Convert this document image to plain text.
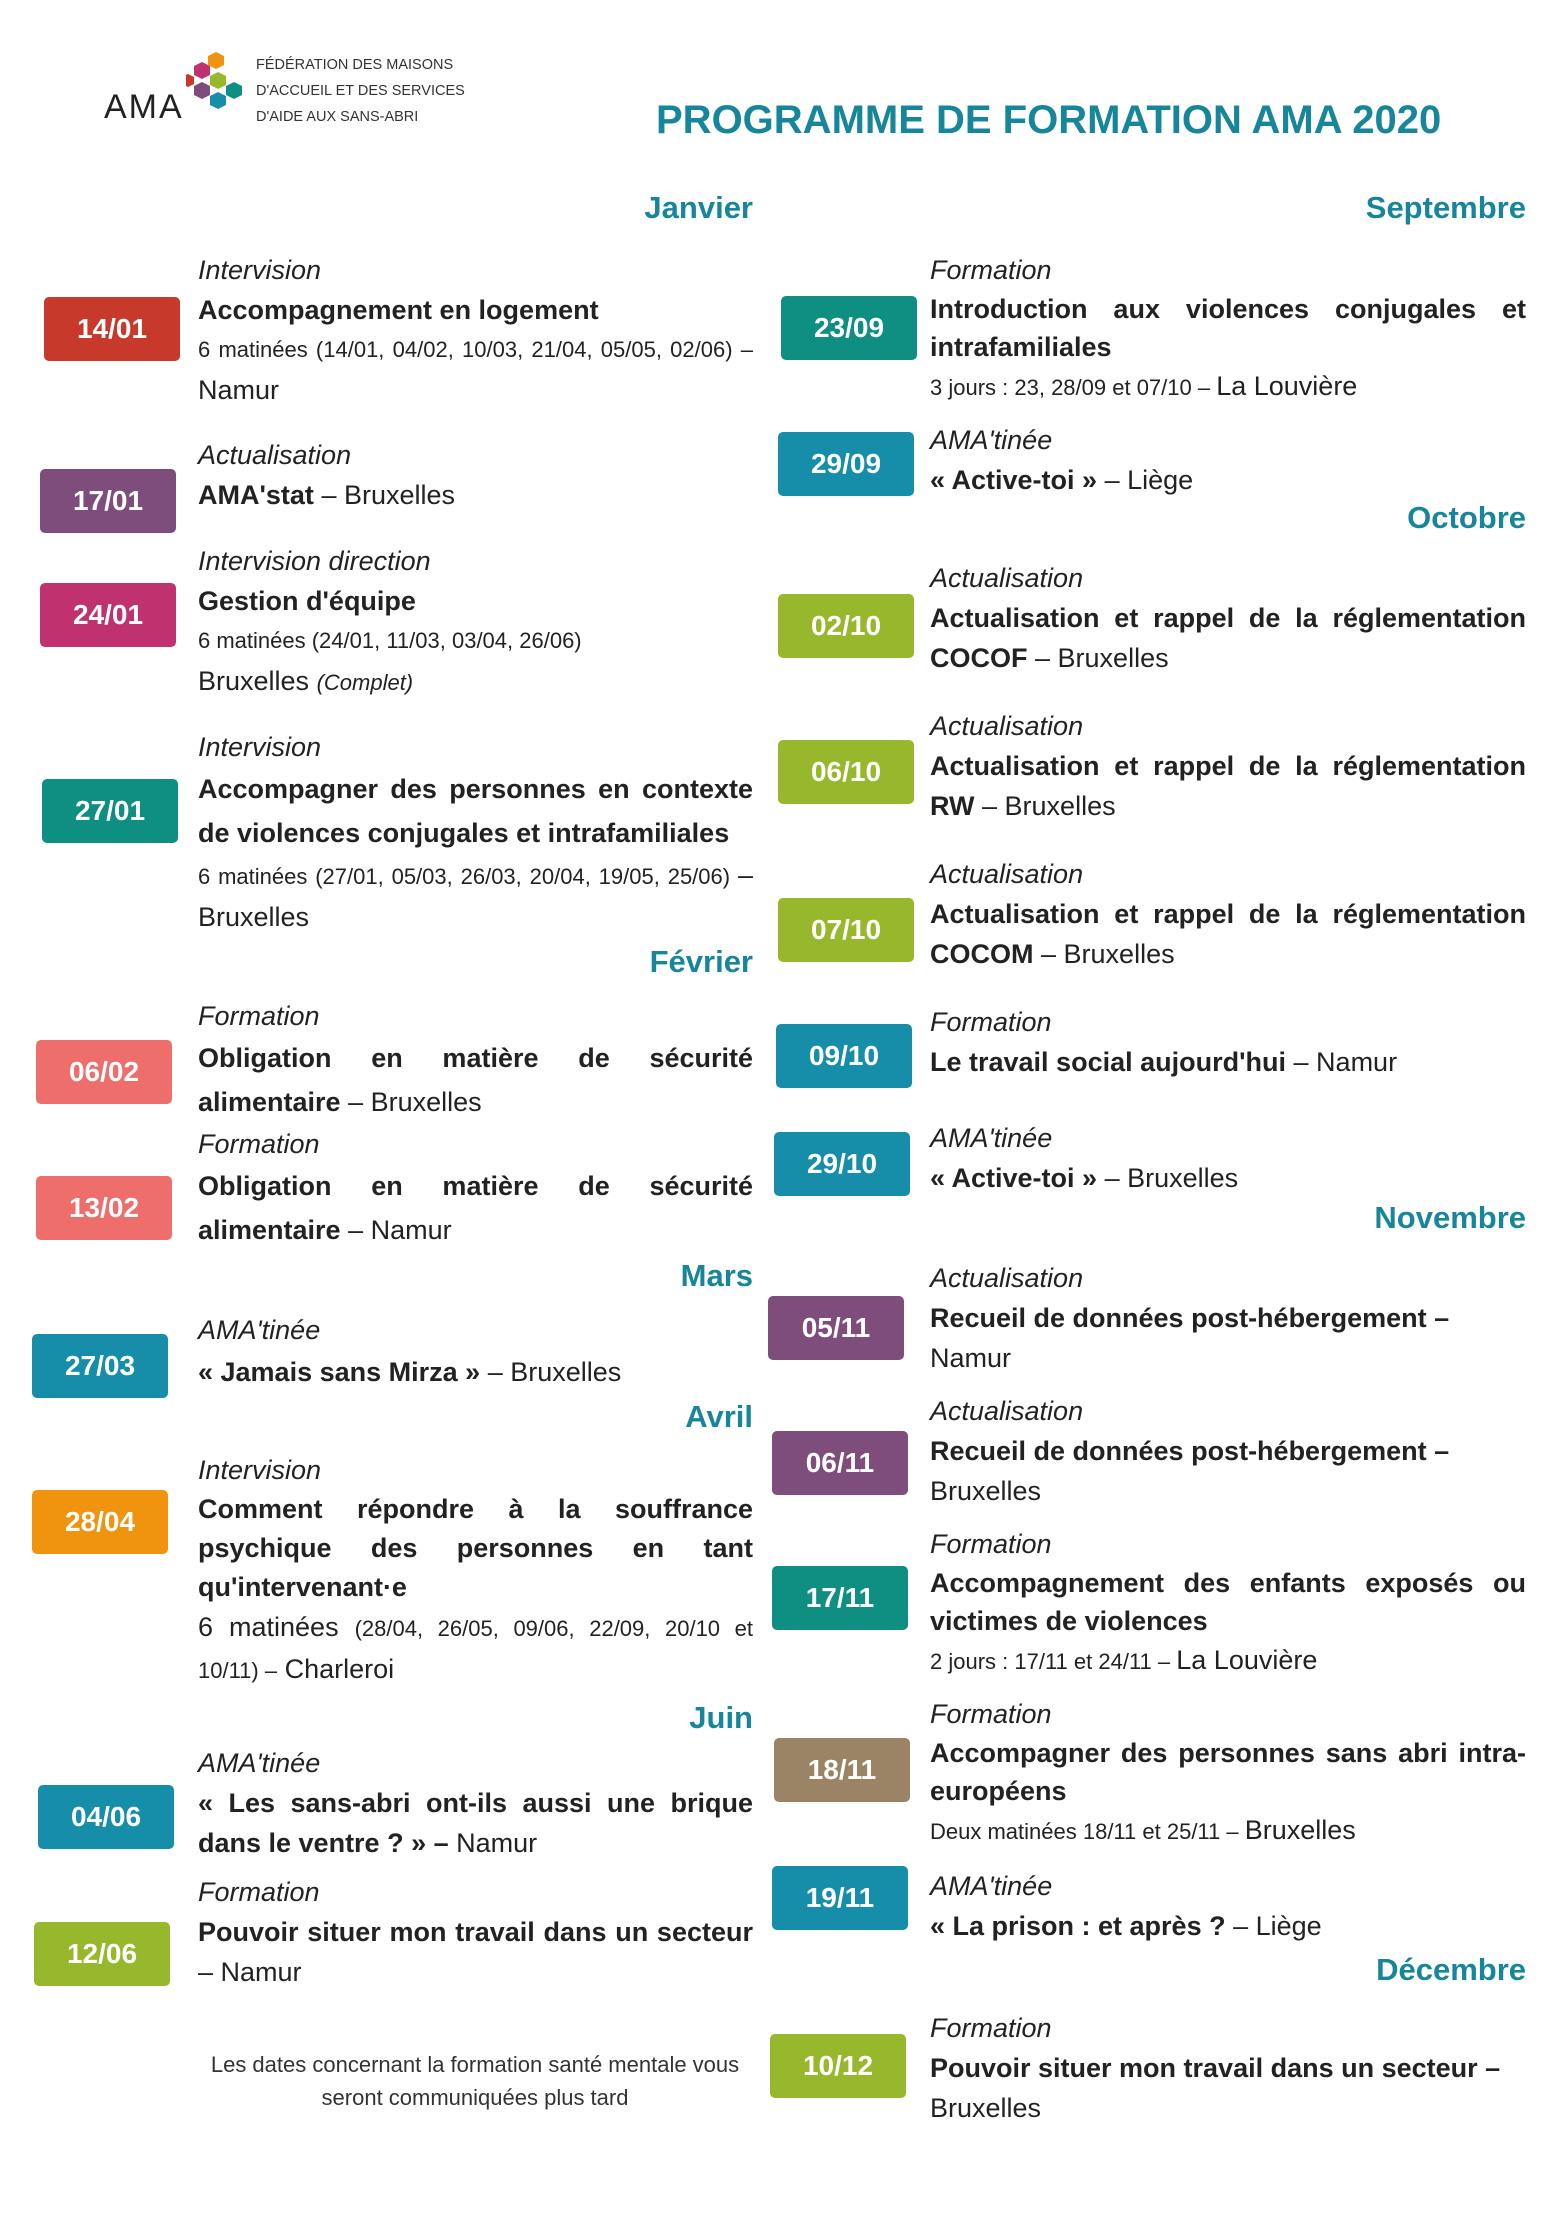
AMA
FÉDÉRATION DES MAISONS
D'ACCUEIL ET DES SERVICES
D'AIDE AUX SANS-ABRI	PROGRAMME DE FORMATION AMA 2020
Janvier
14/01
Intervision
Accompagnement en logement
6 matinées (14/01, 04/02, 10/03, 21/04, 05/05, 02/06) – Namur
17/01
Actualisation
AMA'stat – Bruxelles
24/01
Intervision direction
Gestion d'équipe
6 matinées (24/01, 11/03, 03/04, 26/06)
Bruxelles (Complet)
27/01
Intervision
Accompagner des personnes en contexte de violences conjugales et intrafamiliales
6 matinées (27/01, 05/03, 26/03, 20/04, 19/05, 25/06) – Bruxelles
Février
06/02
Formation
Obligation en matière de sécurité alimentaire – Bruxelles
13/02
Formation
Obligation en matière de sécurité alimentaire – Namur
Mars
27/03
AMA'tinée
« Jamais sans Mirza » – Bruxelles
Avril
28/04
Intervision
Comment répondre à la souffrance psychique des personnes en tant qu'intervenant·e
6 matinées (28/04, 26/05, 09/06, 22/09, 20/10 et 10/11) – Charleroi
Juin
04/06
AMA'tinée
« Les sans-abri ont-ils aussi une brique dans le ventre ? » – Namur
12/06
Formation
Pouvoir situer mon travail dans un secteur – Namur
Les dates concernant la formation santé mentale vous seront communiquées plus tard
Septembre
23/09
Formation
Introduction aux violences conjugales et intrafamiliales
3 jours : 23, 28/09 et 07/10 – La Louvière
29/09
AMA'tinée
« Active-toi » – Liège
Octobre
02/10
Actualisation
Actualisation et rappel de la réglementation COCOF – Bruxelles
06/10
Actualisation
Actualisation et rappel de la réglementation RW – Bruxelles
07/10
Actualisation
Actualisation et rappel de la réglementation COCOM – Bruxelles
09/10
Formation
Le travail social aujourd'hui – Namur
29/10
AMA'tinée
« Active-toi » – Bruxelles
Novembre
05/11
Actualisation
Recueil de données post-hébergement –
Namur
06/11
Actualisation
Recueil de données post-hébergement –
Bruxelles
17/11
Formation
Accompagnement des enfants exposés ou victimes de violences
2 jours : 17/11 et 24/11 – La Louvière
18/11
Formation
Accompagner des personnes sans abri intra-européens
Deux matinées 18/11 et 25/11 – Bruxelles
19/11	AMA'tinée
« La prison : et après ? – Liège
Décembre
10/12
Formation
Pouvoir situer mon travail dans un secteur –
Bruxelles
